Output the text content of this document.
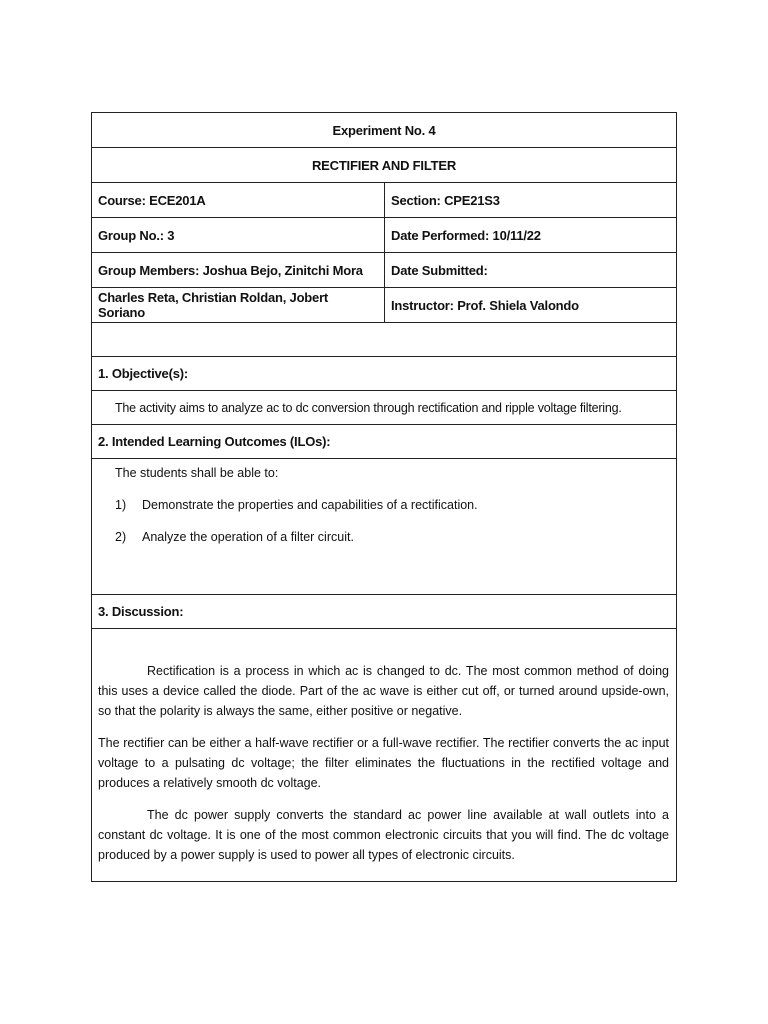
Experiment No. 4
RECTIFIER AND FILTER
Course: ECE201A	Section: CPE21S3
Group No.: 3	Date Performed: 10/11/22
Group Members: Joshua Bejo, Zinitchi Mora	Date Submitted:
Charles Reta, Christian Roldan, Jobert Soriano	Instructor: Prof. Shiela Valondo
1. Objective(s):
The activity aims to analyze ac to dc conversion through rectification and ripple voltage filtering.
2. Intended Learning Outcomes (ILOs):
The students shall be able to:
1)	Demonstrate the properties and capabilities of a rectification.
2)	Analyze the operation of a filter circuit.
3. Discussion:

Rectification is a process in which ac is changed to dc. The most common method of doing this uses a device called the diode. Part of the ac wave is either cut off, or turned around upside-own, so that the polarity is always the same, either positive or negative.

The rectifier can be either a half-wave rectifier or a full-wave rectifier. The rectifier converts the ac input voltage to a pulsating dc voltage; the filter eliminates the fluctuations in the rectified voltage and produces a relatively smooth dc voltage.

The dc power supply converts the standard ac power line available at wall outlets into a constant dc voltage. It is one of the most common electronic circuits that you will find. The dc voltage produced by a power supply is used to power all types of electronic circuits.
